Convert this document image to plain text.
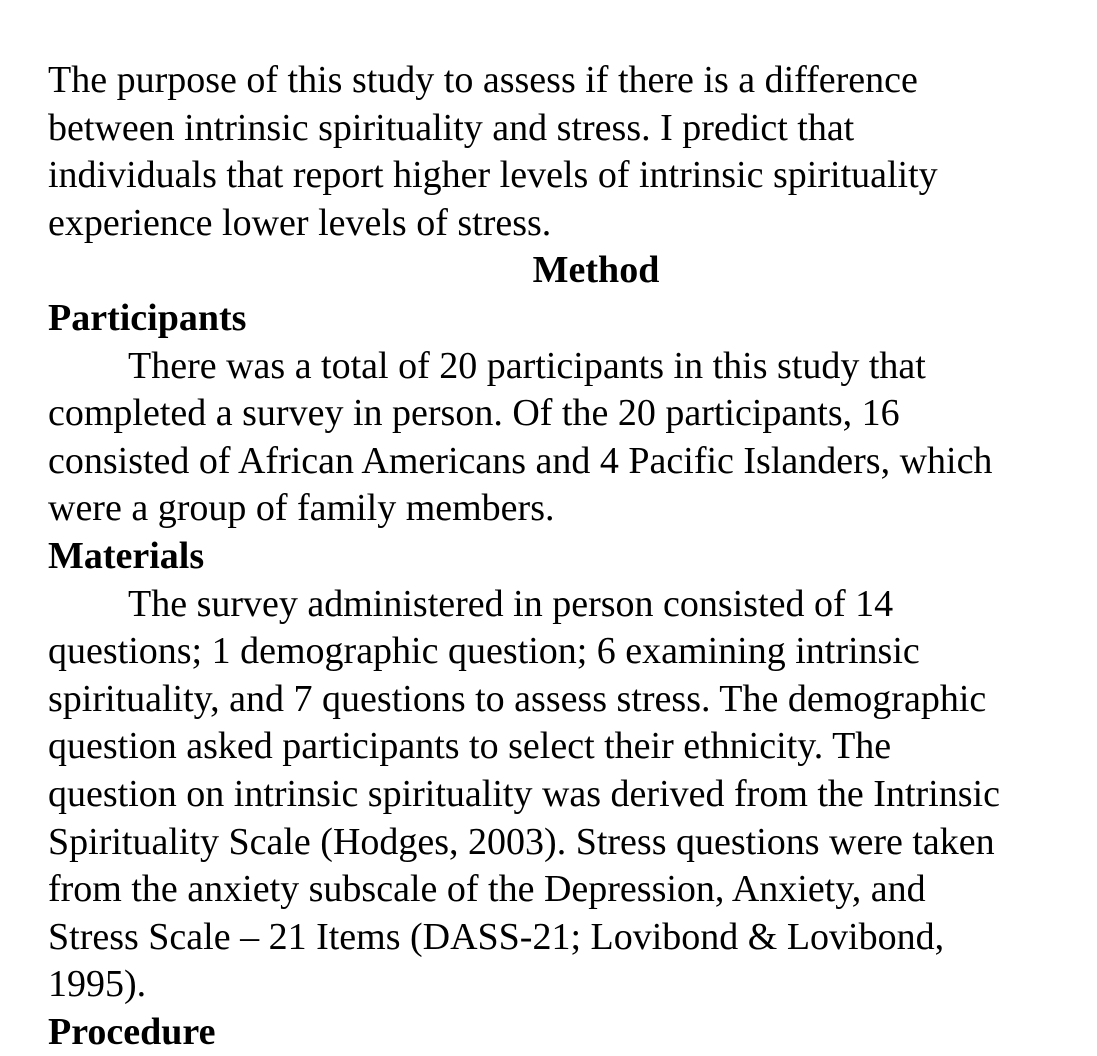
The purpose of this study to assess if there is a difference
between intrinsic spirituality and stress. I predict that
individuals that report higher levels of intrinsic spirituality
experience lower levels of stress.

Method
Participants

There was a total of 20 participants in this study that
completed a survey in person. Of the 20 participants, 16
consisted of African Americans and 4 Pacific Islanders, which
were a group of family members.

Materials

The survey administered in person consisted of 14
questions; 1 demographic question; 6 examining intrinsic
spirituality, and 7 questions to assess stress. The demographic
question asked participants to select their ethnicity. The
question on intrinsic spirituality was derived from the Intrinsic
Spirituality Scale (Hodges, 2003). Stress questions were taken
from the anxiety subscale of the Depression, Anxiety, and
Stress Scale – 21 Items (DASS-21; Lovibond & Lovibond,
1995).

Procedure
